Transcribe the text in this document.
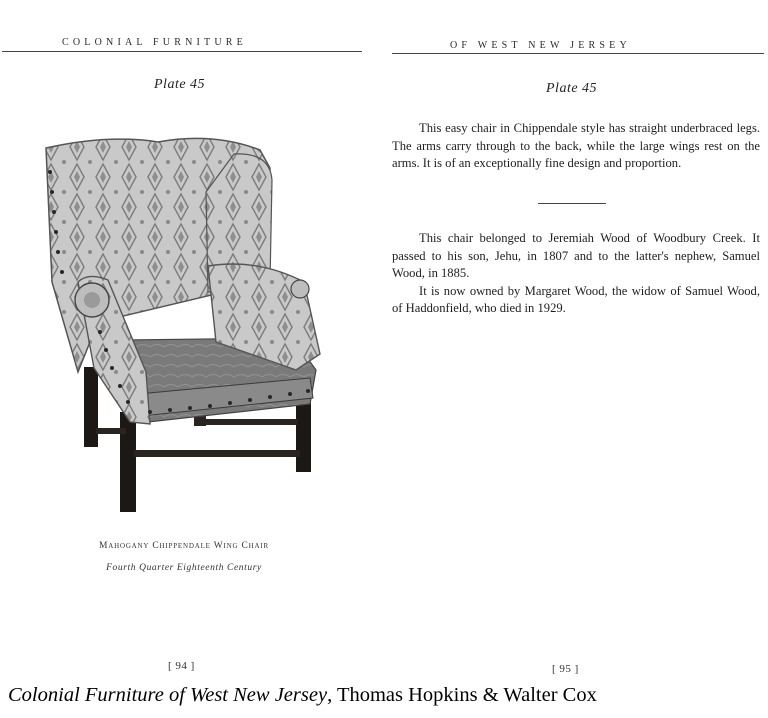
COLONIAL FURNITURE
Plate 45
Mahogany Chippendale Wing Chair
Fourth Quarter Eighteenth Century
[ 94 ]
OF WEST NEW JERSEY
Plate 45

This easy chair in Chippendale style has straight underbraced legs. The arms carry through to the back, while the large wings rest on the arms. It is of an exceptionally fine design and proportion.

This chair belonged to Jeremiah Wood of Woodbury Creek. It passed to his son, Jehu, in 1807 and to the latter's nephew, Samuel Wood, in 1885.

It is now owned by Margaret Wood, the widow of Samuel Wood, of Haddonfield, who died in 1929.

[ 95 ]
Colonial Furniture of West New Jersey, Thomas Hopkins & Walter Cox
